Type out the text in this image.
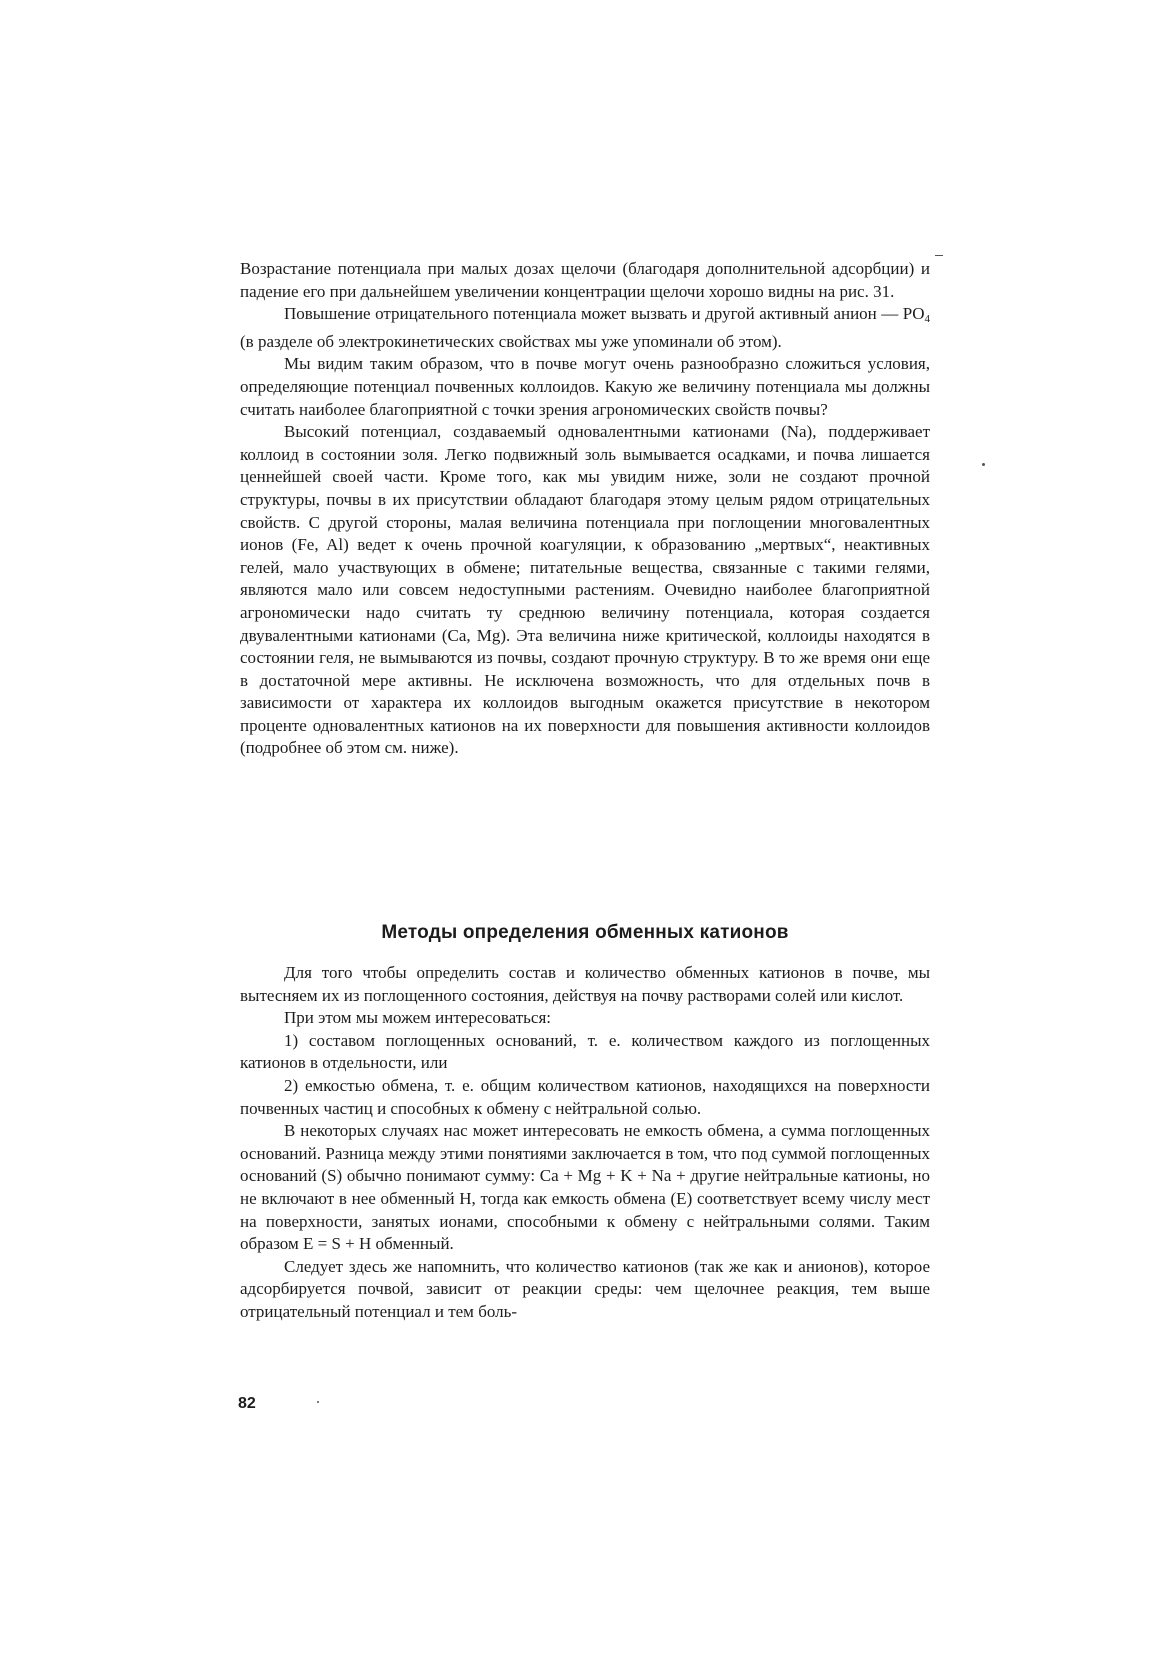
Возрастание потенциала при малых дозах щелочи (благодаря дополнительной адсорбции) и падение его при дальнейшем увеличении концентрации щелочи хорошо видны на рис. 31.

Повышение отрицательного потенциала может вызвать и другой активный анион — $PO_4$ (в разделе об электрокинетических свойствах мы уже упоминали об этом).

Мы видим таким образом, что в почве могут очень разнообразно сложиться условия, определяющие потенциал почвенных коллоидов. Какую же величину потенциала мы должны считать наиболее благоприятной с точки зрения агрономических свойств почвы?

Высокий потенциал, создаваемый одновалентными катионами (Na), поддерживает коллоид в состоянии золя. Легко подвижный золь вымывается осадками, и почва лишается ценнейшей своей части. Кроме того, как мы увидим ниже, золи не создают прочной структуры, почвы в их присутствии обладают благодаря этому целым рядом отрицательных свойств. С другой стороны, малая величина потенциала при поглощении многовалентных ионов (Fe, Al) ведет к очень прочной коагуляции, к образованию „мертвых“, неактивных гелей, мало участвующих в обмене; питательные вещества, связанные с такими гелями, являются мало или совсем недоступными растениям. Очевидно наиболее благоприятной агрономически надо считать ту среднюю величину потенциала, которая создается двувалентными катионами (Ca, Mg). Эта величина ниже критической, коллоиды находятся в состоянии геля, не вымываются из почвы, создают прочную структуру. В то же время они еще в достаточной мере активны. Не исключена возможность, что для отдельных почв в зависимости от характера их коллоидов выгодным окажется присутствие в некотором проценте одновалентных катионов на их поверхности для повышения активности коллоидов (подробнее об этом см. ниже).

Методы определения обменных катионов

Для того чтобы определить состав и количество обменных катионов в почве, мы вытесняем их из поглощенного состояния, действуя на почву растворами солей или кислот.

При этом мы можем интересоваться:

1) составом поглощенных оснований, т. е. количеством каждого из поглощенных катионов в отдельности, или

2) емкостью обмена, т. е. общим количеством катионов, находящихся на поверхности почвенных частиц и способных к обмену с нейтральной солью.

В некоторых случаях нас может интересовать не емкость обмена, а сумма поглощенных оснований. Разница между этими понятиями заключается в том, что под суммой поглощенных оснований (S) обычно понимают сумму: Ca + Mg + K + Na + другие нейтральные катионы, но не включают в нее обменный H, тогда как емкость обмена (E) соответствует всему числу мест на поверхности, занятых ионами, способными к обмену с нейтральными солями. Таким образом E = S + H обменный.

Следует здесь же напомнить, что количество катионов (так же как и анионов), которое адсорбируется почвой, зависит от реакции среды: чем щелочнее реакция, тем выше отрицательный потенциал и тем боль-

82
